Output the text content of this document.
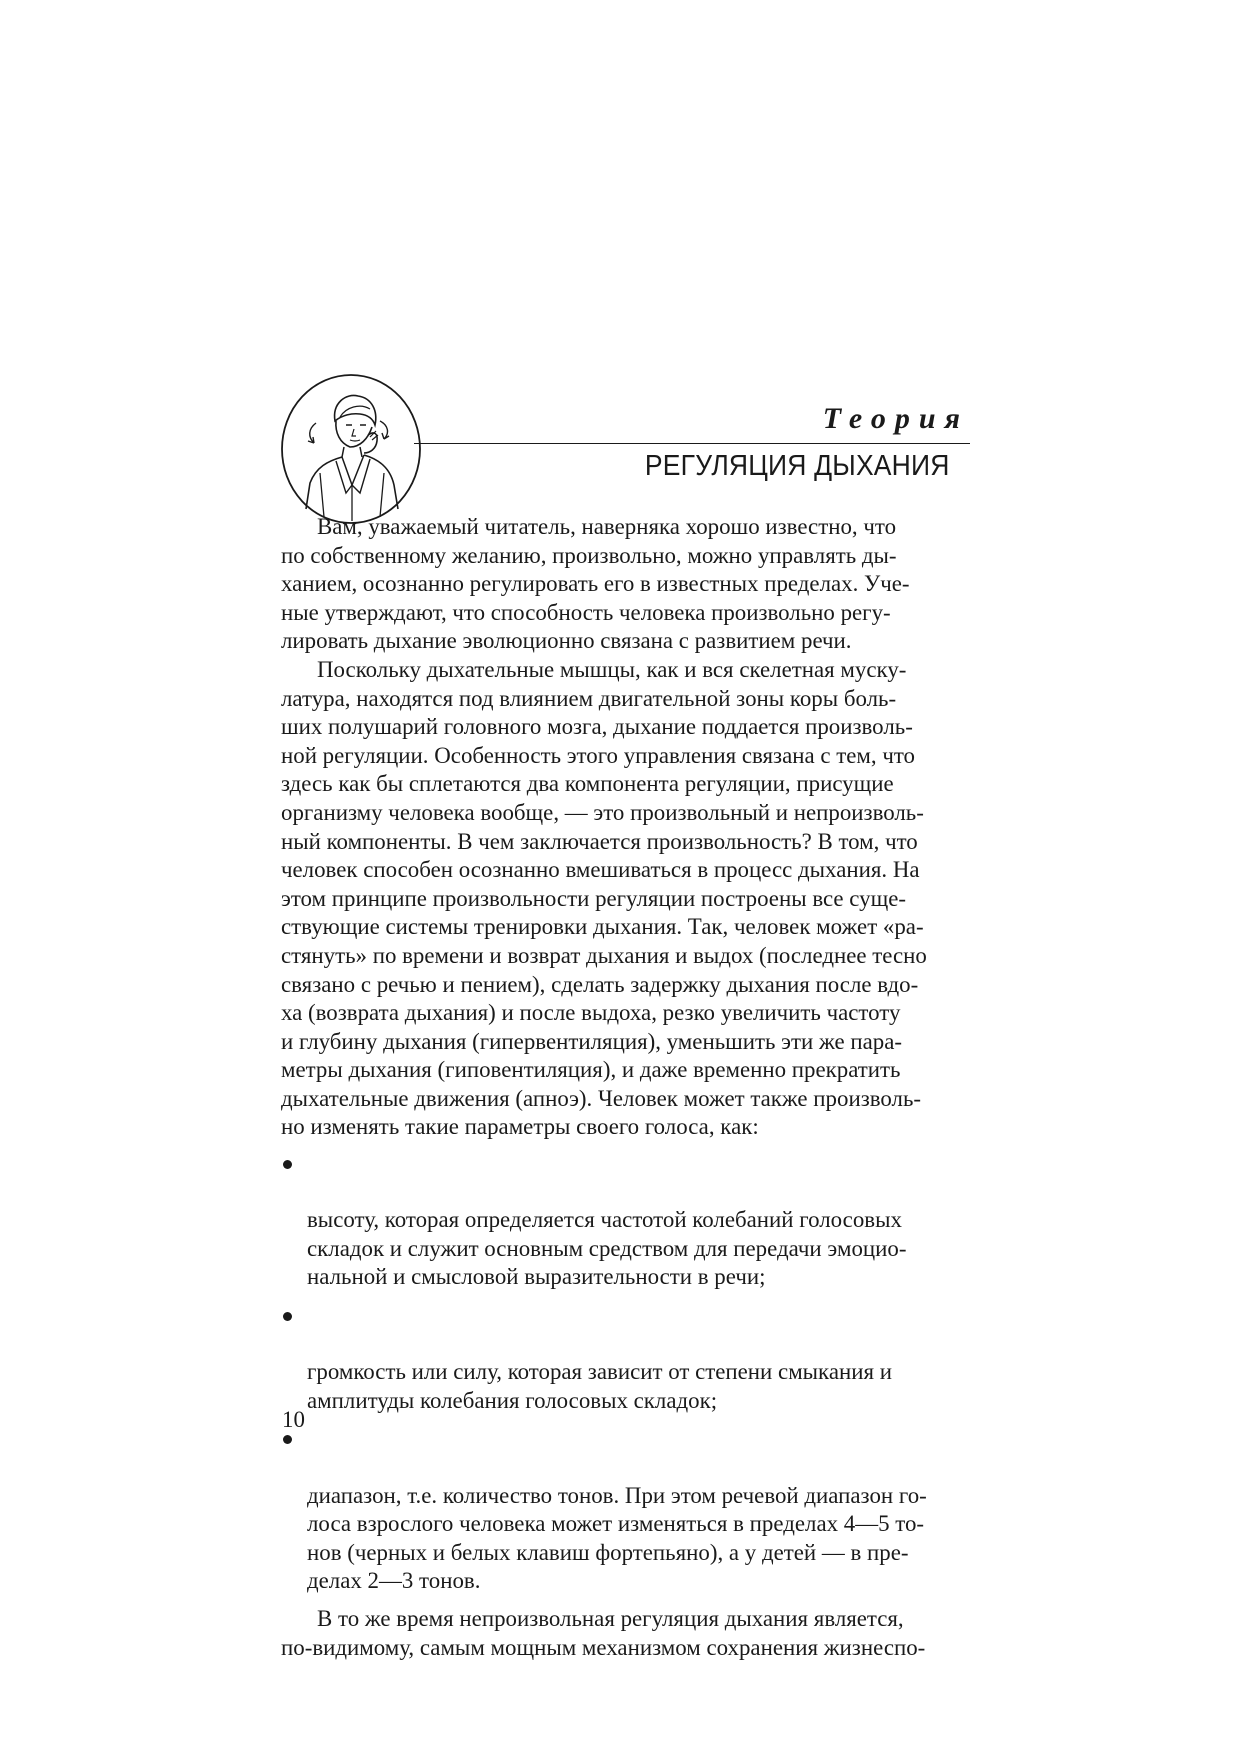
Теория

РЕГУЛЯЦИЯ ДЫХАНИЯ

Вам, уважаемый читатель, наверняка хорошо известно, что
по собственному желанию, произвольно, можно управлять ды-
ханием, осознанно регулировать его в известных пределах. Уче-
ные утверждают, что способность человека произвольно регу-
лировать дыхание эволюционно связана с развитием речи.

Поскольку дыхательные мышцы, как и вся скелетная муску-
латура, находятся под влиянием двигательной зоны коры боль-
ших полушарий головного мозга, дыхание поддается произволь-
ной регуляции. Особенность этого управления связана с тем, что
здесь как бы сплетаются два компонента регуляции, присущие
организму человека вообще, — это произвольный и непроизволь-
ный компоненты. В чем заключается произвольность? В том, что
человек способен осознанно вмешиваться в процесс дыхания. На
этом принципе произвольности регуляции построены все суще-
ствующие системы тренировки дыхания. Так, человек может «ра-
стянуть» по времени и возврат дыхания и выдох (последнее тесно
связано с речью и пением), сделать задержку дыхания после вдо-
ха (возврата дыхания) и после выдоха, резко увеличить частоту
и глубину дыхания (гипервентиляция), уменьшить эти же пара-
метры дыхания (гиповентиляция), и даже временно прекратить
дыхательные движения (апноэ). Человек может также произволь-
но изменять такие параметры своего голоса, как:

высоту, которая определяется частотой колебаний голосовых
складок и служит основным средством для передачи эмоцио-
нальной и смысловой выразительности в речи;

громкость или силу, которая зависит от степени смыкания и
амплитуды колебания голосовых складок;

диапазон, т.е. количество тонов. При этом речевой диапазон го-
лоса взрослого человека может изменяться в пределах 4—5 то-
нов (черных и белых клавиш фортепьяно), а у детей — в пре-
делах 2—3 тонов.

В то же время непроизвольная регуляция дыхания является,
по-видимому, самым мощным механизмом сохранения жизнеспо-

10
